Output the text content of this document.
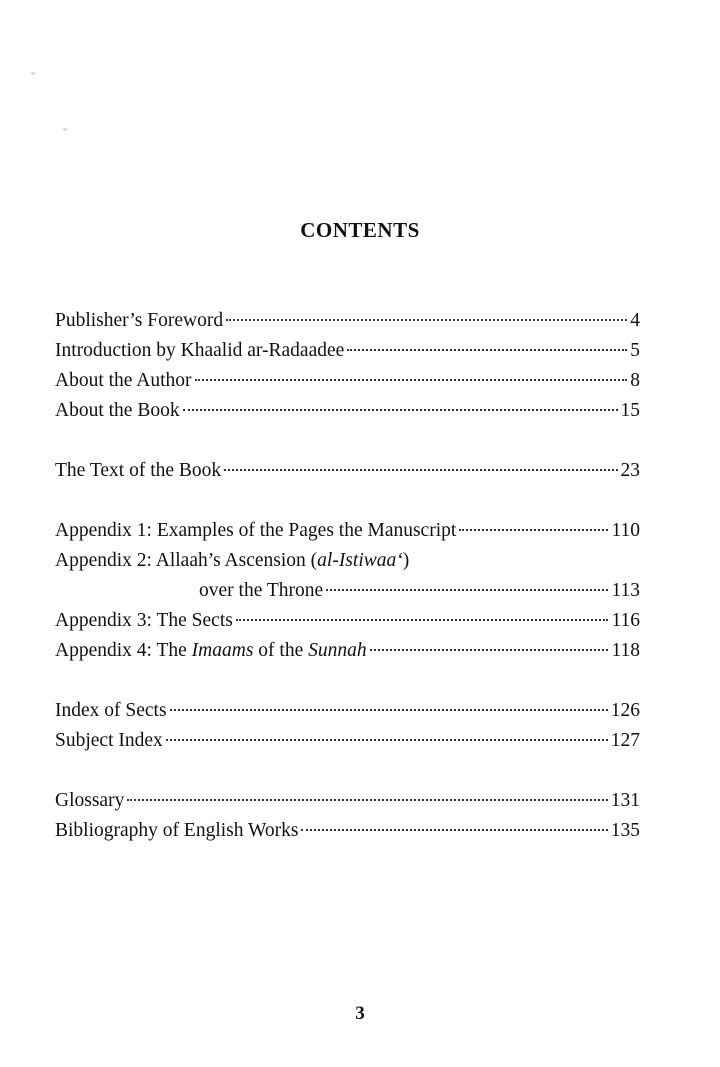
CONTENTS
Publisher’s Foreword	4
Introduction by Khaalid ar-Radaadee	5
About the Author	8
About the Book	15
The Text of the Book	23
Appendix 1: Examples of the Pages the Manuscript	110
Appendix 2: Allaah’s Ascension (al-Istiwaa‘)
over the Throne	113
Appendix 3: The Sects	116
Appendix 4: The Imaams of the Sunnah	118
Index of Sects	126
Subject Index	127
Glossary	131
Bibliography of English Works	135
3
